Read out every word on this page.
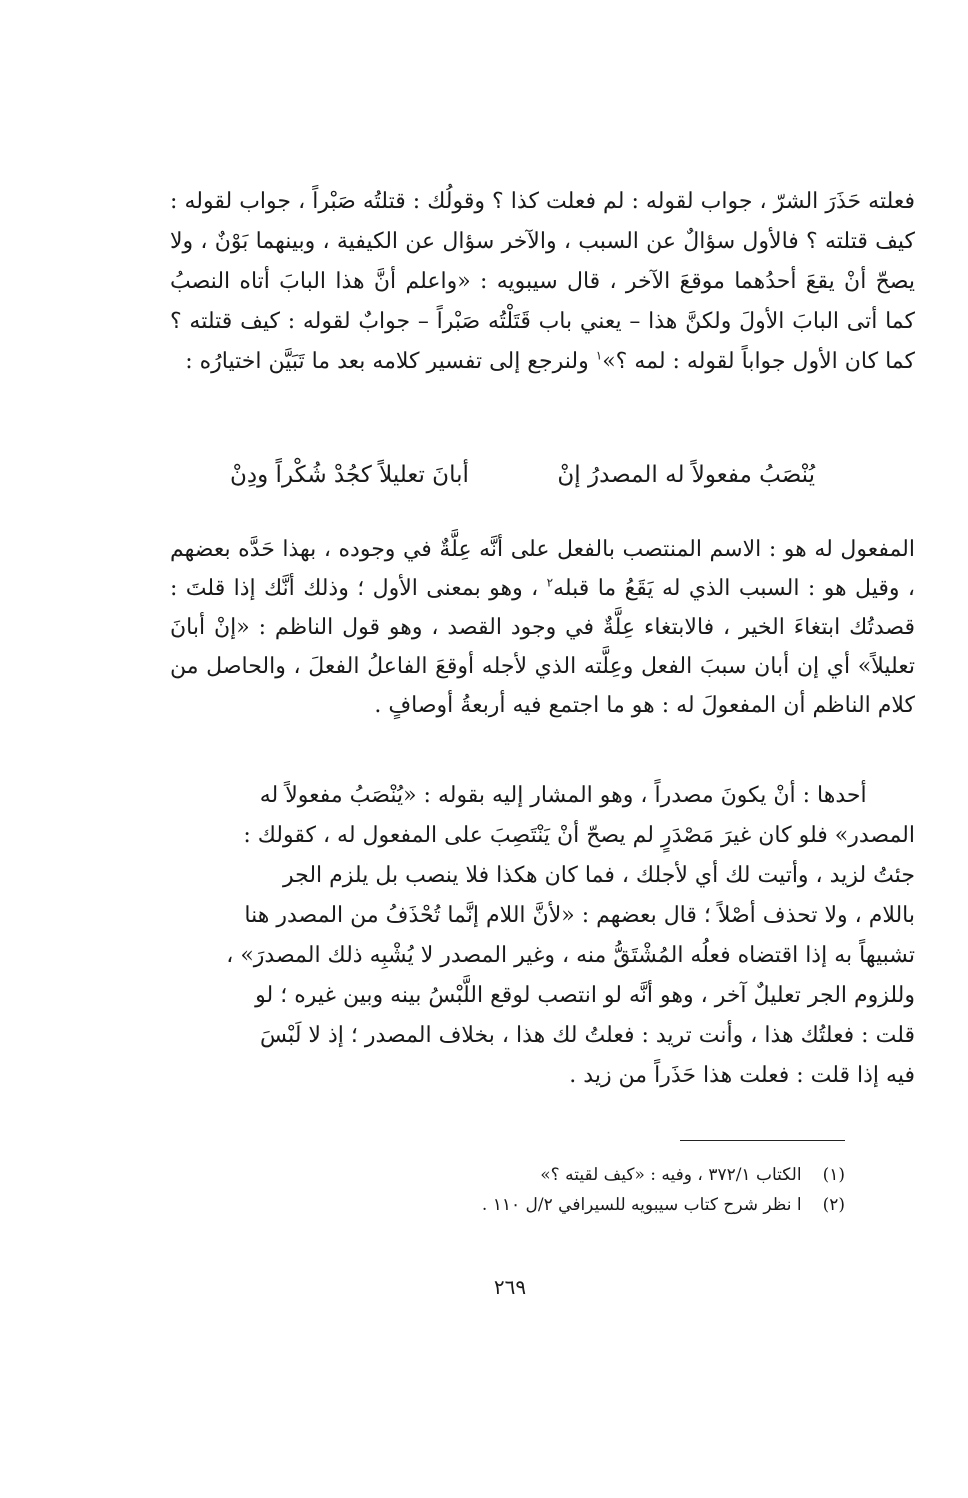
فعلته حَذَرَ الشرّ ، جواب لقوله : لم فعلت كذا ؟ وقولُك : قتلتُه صَبْراً ، جواب لقوله : كيف قتلته ؟ فالأول سؤالٌ عن السبب ، والآخر سؤال عن الكيفية ، وبينهما بَوْنٌ ، ولا يصحّ أنْ يقعَ أحدُهما موقعَ الآخر ، قال سيبويه : «واعلم أنَّ هذا البابَ أتاه النصبُ كما أتى البابَ الأولَ ولكنَّ هذا – يعني باب قَتَلْتُه صَبْراً – جوابٌ لقوله : كيف قتلته ؟ كما كان الأول جواباً لقوله : لمه ؟»$^١$ ولنرجع إلى تفسير كلامه بعد ما تَبَيَّن اختيارُه :
يُنْصَبُ مفعولاً له المصدرُ إنْ
أبانَ تعليلاً كجُدْ شُكْراً ودِنْ
المفعول له هو : الاسم المنتصب بالفعل على أنَّه عِلَّةٌ في وجوده ، بهذا حَدَّه بعضهم ، وقيل هو : السبب الذي له يَقَعُ ما قبله$^٢$ ، وهو بمعنى الأول ؛ وذلك أنَّك إذا قلتَ : قصدتُك ابتغاءَ الخير ، فالابتغاء عِلَّةٌ في وجود القصد ، وهو قول الناظم : «إنْ أبانَ تعليلاً» أي إن أبان سببَ الفعل وعِلَّته الذي لأجله أوقعَ الفاعلُ الفعلَ ، والحاصل من كلام الناظم أن المفعولَ له : هو ما اجتمع فيه أربعةُ أوصافٍ .
أحدها : أنْ يكونَ مصدراً ، وهو المشار إليه بقوله : «يُنْصَبُ مفعولاً له
المصدر» فلو كان غيرَ مَصْدَرٍ لم يصحّ أنْ يَنْتَصِبَ على المفعول له ، كقولك :
جئتُ لزيد ، وأتيت لك أي لأجلك ، فما كان هكذا فلا ينصب بل يلزم الجر
باللام ، ولا تحذف أصْلاً ؛ قال بعضهم : «لأنَّ اللام إنَّما تُحْذَفُ من المصدر هنا
تشبيهاً به إذا اقتضاه فعلُه المُشْتَقُّ منه ، وغير المصدر لا يُشْبِه ذلك المصدرَ» ،
وللزوم الجر تعليلٌ آخر ، وهو أنَّه لو انتصب لوقع اللَّبْسُ بينه وبين غيره ؛ لو
قلت : فعلتُك هذا ، وأنت تريد : فعلتُ لك هذا ، بخلاف المصدر ؛ إذ لا لَبْسَ
فيه إذا قلت : فعلت هذا حَذَراً من زيد .
(١) الكتاب ٣٧٢/١ ، وفيه : «كيف لقيته ؟»
(٢) ا نظر شرح كتاب سيبويه للسيرافي ٢/ل ١١٠ .
٢٦٩
